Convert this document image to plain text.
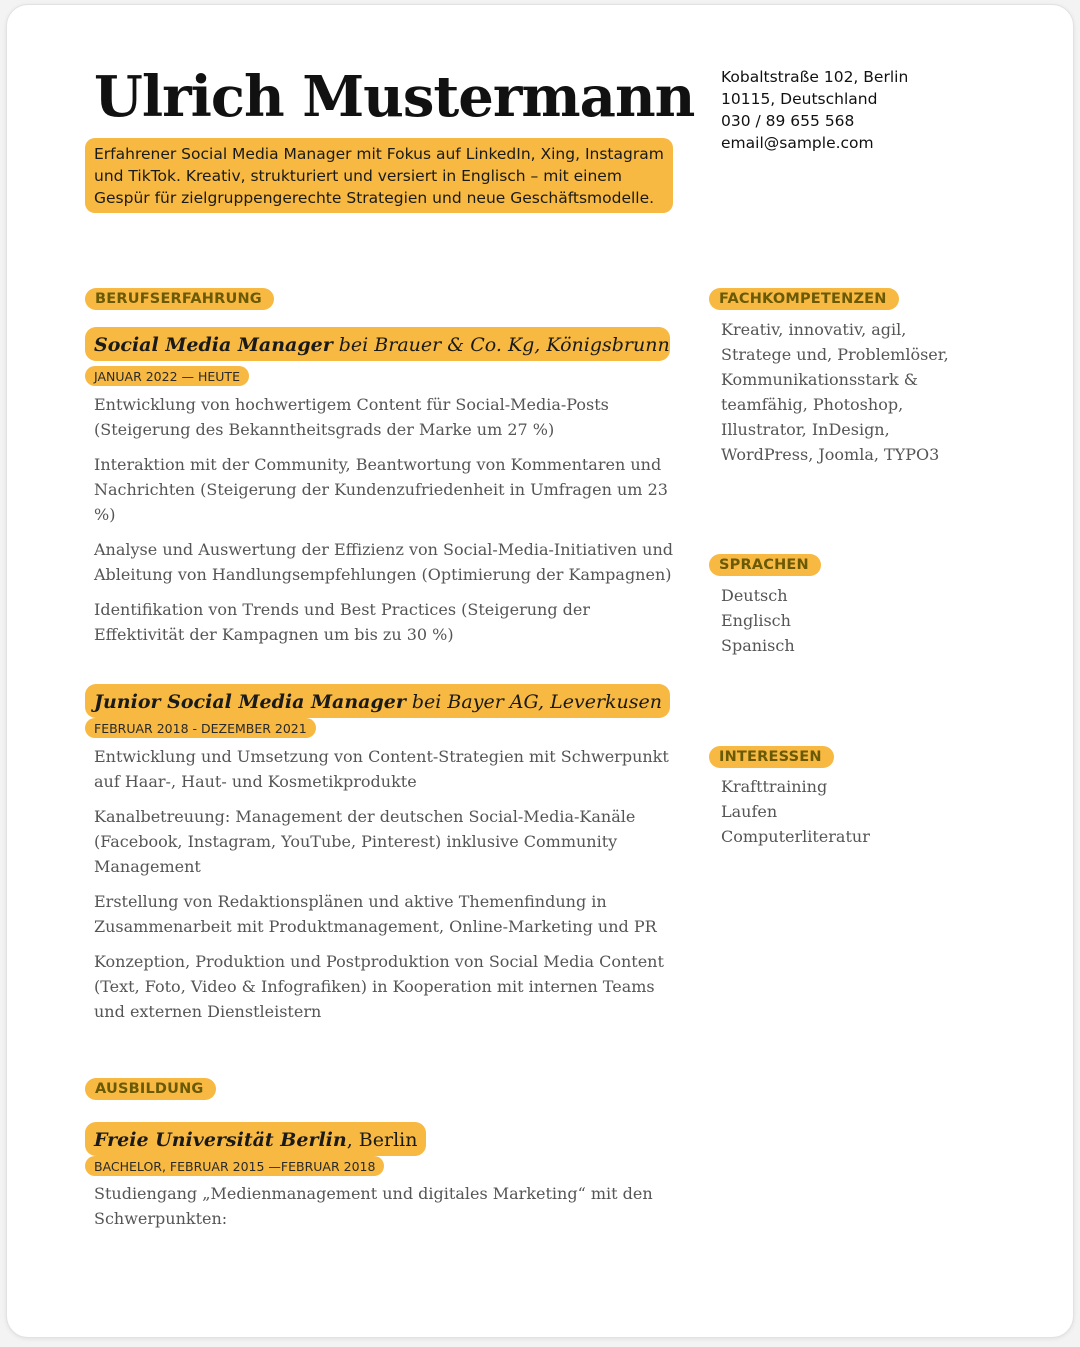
Ulrich Mustermann
Erfahrener Social Media Manager mit Fokus auf LinkedIn, Xing, Instagram und TikTok. Kreativ, strukturiert und versiert in Englisch – mit einem Gespür für zielgruppengerechte Strategien und neue Geschäftsmodelle.
Kobaltstraße 102, Berlin
10115, Deutschland
030 / 89 655 568
email@sample.com
BERUFSERFAHRUNG
Social Media Manager bei Brauer & Co. Kg, Königsbrunn
JANUAR 2022 — HEUTE

Entwicklung von hochwertigem Content für Social-Media-Posts (Steigerung des Bekanntheitsgrads der Marke um 27 %)

Interaktion mit der Community, Beantwortung von Kommentaren und Nachrichten (Steigerung der Kundenzufriedenheit in Umfragen um 23 %)

Analyse und Auswertung der Effizienz von Social-Media-Initiativen und Ableitung von Handlungsempfehlungen (Optimierung der Kampagnen)

Identifikation von Trends und Best Practices (Steigerung der Effektivität der Kampagnen um bis zu 30 %)

Junior Social Media Manager bei Bayer AG, Leverkusen
FEBRUAR 2018 - DEZEMBER 2021

Entwicklung und Umsetzung von Content-Strategien mit Schwerpunkt auf Haar-, Haut- und Kosmetikprodukte

Kanalbetreuung: Management der deutschen Social-Media-Kanäle (Facebook, Instagram, YouTube, Pinterest) inklusive Community Management

Erstellung von Redaktionsplänen und aktive Themenfindung in Zusammenarbeit mit Produktmanagement, Online-Marketing und PR

Konzeption, Produktion und Postproduktion von Social Media Content (Text, Foto, Video & Infografiken) in Kooperation mit internen Teams und externen Dienstleistern

AUSBILDUNG
Freie Universität Berlin, Berlin
BACHELOR, FEBRUAR 2015 —FEBRUAR 2018

Studiengang „Medienmanagement und digitales Marketing“ mit den Schwerpunkten:

FACHKOMPETENZEN
Kreativ, innovativ, agil,
Stratege und, Problemlöser,
Kommunikationsstark &
teamfähig, Photoshop,
Illustrator, InDesign,
WordPress, Joomla, TYPO3
SPRACHEN
Deutsch
Englisch
Spanisch
INTERESSEN
Krafttraining
Laufen
Computerliteratur
